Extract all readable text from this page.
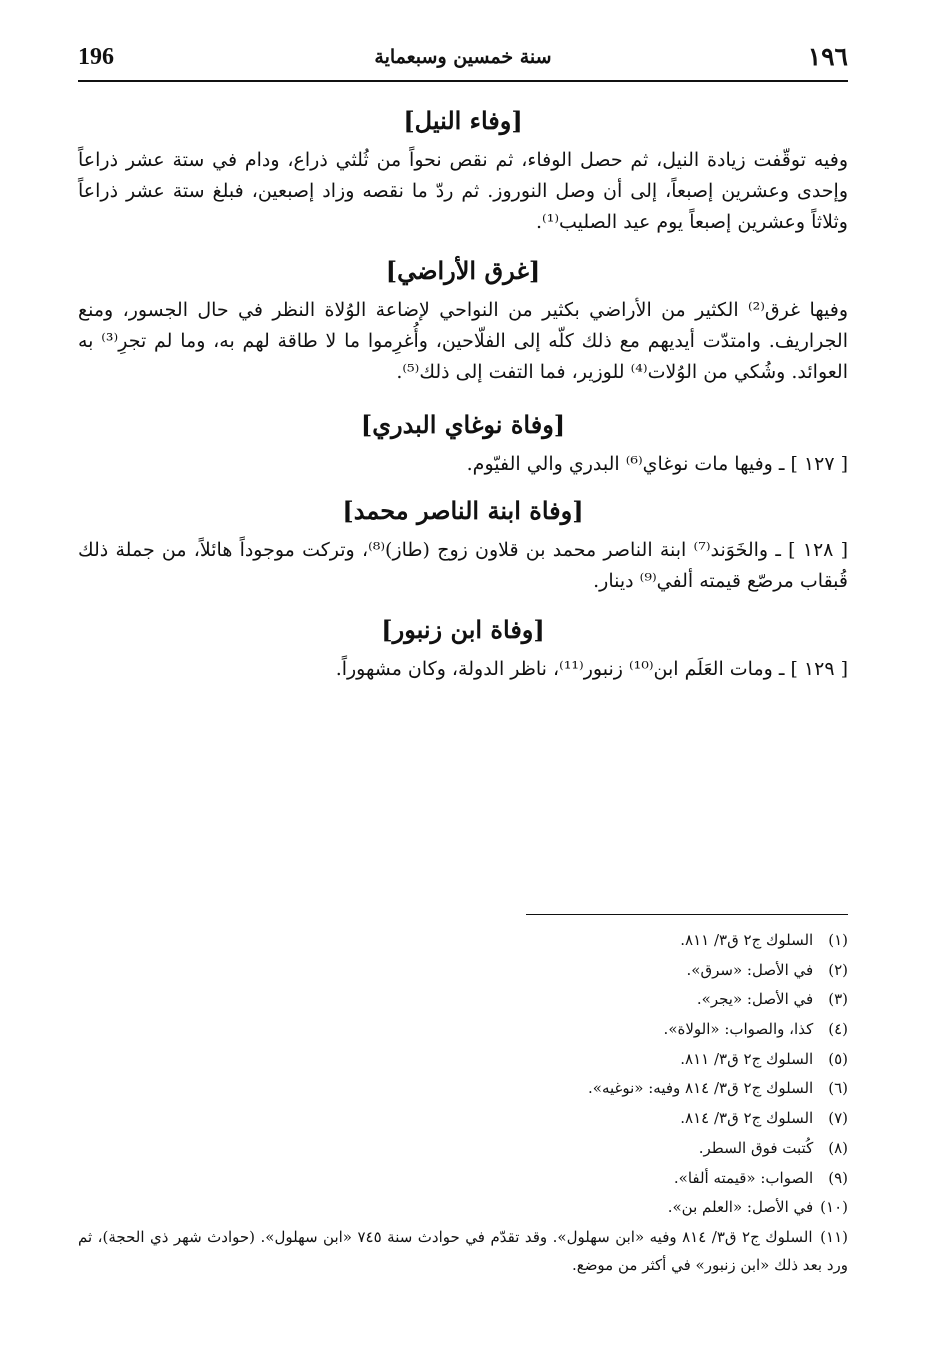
196	سنة خمسين وسبعماية	١٩٦
[وفاء النيل]

وفيه توقّفت زيادة النيل، ثم حصل الوفاء، ثم نقص نحواً من ثُلثي ذراع، ودام في ستة عشر ذراعاً وإحدى وعشرين إصبعاً، إلى أن وصل النوروز. ثم ردّ ما نقصه وزاد إصبعين، فبلغ ستة عشر ذراعاً وثلاثاً وعشرين إصبعاً يوم عيد الصليب⁽¹⁾.

[غرق الأراضي]

وفيها غرق⁽²⁾ الكثير من الأراضي بكثير من النواحي لإضاعة الوُلاة النظر في حال الجسور، ومنع الجراريف. وامتدّت أيديهم مع ذلك كلّه إلى الفلّاحين، وأُغرِموا ما لا طاقة لهم به، وما لم تجرِ⁽³⁾ به العوائد. وشُكي من الوُلات⁽⁴⁾ للوزير، فما التفت إلى ذلك⁽⁵⁾.

[وفاة نوغاي البدري]

[ ١٢٧ ] ـ وفيها مات نوغاي⁽⁶⁾ البدري والي الفيّوم.

[وفاة ابنة الناصر محمد]

[ ١٢٨ ] ـ والخَوَند⁽⁷⁾ ابنة الناصر محمد بن قلاون زوج (طاز)⁽⁸⁾، وتركت موجوداً هائلاً، من جملة ذلك قُبقاب مرصّع قيمته ألفي⁽⁹⁾ دينار.

[وفاة ابن زنبور]

[ ١٢٩ ] ـ ومات العَلَم ابن⁽¹⁰⁾ زنبور⁽¹¹⁾، ناظر الدولة، وكان مشهوراً.

(١) السلوك ج٢ ق٣/ ٨١١.
(٢) في الأصل: «سرق».
(٣) في الأصل: «يجر».
(٤) كذا، والصواب: «الولاة».
(٥) السلوك ج٢ ق٣/ ٨١١.
(٦) السلوك ج٢ ق٣/ ٨١٤ وفيه: «نوغيه».
(٧) السلوك ج٢ ق٣/ ٨١٤.
(٨) كُتبت فوق السطر.
(٩) الصواب: «قيمته ألفا».
(١٠) في الأصل: «العلم بن».
(١١) السلوك ج٢ ق٣/ ٨١٤ وفيه «ابن سهلول». وقد تقدّم في حوادث سنة ٧٤٥ «ابن سهلول». (حوادث شهر ذي الحجة)، ثم ورد بعد ذلك «ابن زنبور» في أكثر من موضع.
